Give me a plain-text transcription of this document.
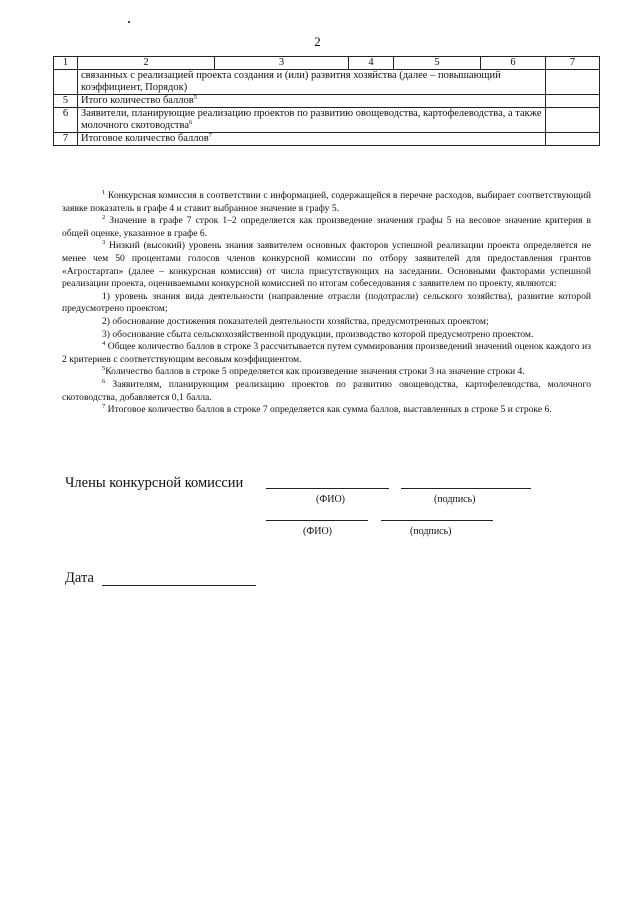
2
1	2	3	4	5	6	7
	связанных с реализацией проекта создания и (или) развития хозяйства (далее – повышающий коэффициент, Порядок)					
5	Итого количество баллов$^5$	
6	Заявители, планирующие реализацию проектов по развитию овощеводства, картофелеводства, а также молочного скотоводства$^6$	
7	Итоговое количество баллов$^7$	

$^1$ Конкурсная комиссия в соответствии с информацией, содержащейся в перечне расходов, выбирает соответствующий заявке показатель в графе 4 и ставит выбранное значение в графу 5.

$^2$ Значение в графе 7 строк 1–2 определяется как произведение значения графы 5 на весовое значение критерия в общей оценке, указанное в графе 6.

$^3$ Низкий (высокий) уровень знания заявителем основных факторов успешной реализации проекта определяется не менее чем 50 процентами голосов членов конкурсной комиссии по отбору заявителей для предоставления грантов «Агростартап» (далее – конкурсная комиссия) от числа присутствующих на заседании. Основными факторами успешной реализации проекта, оцениваемыми конкурсной комиссией по итогам собеседования с заявителем по проекту, являются:

1) уровень знания вида деятельности (направление отрасли (подотрасли) сельского хозяйства), развитие которой предусмотрено проектом;

2) обоснование достижения показателей деятельности хозяйства, предусмотренных проектом;

3) обоснование сбыта сельскохозяйственной продукции, производство которой предусмотрено проектом.

$^4$ Общее количество баллов в строке 3 рассчитывается путем суммирования произведений значений оценок каждого из 2 критериев с соответствующим весовым коэффициентом.

$^5$Количество баллов в строке 5 определяется как произведение значения строки 3 на значение строки 4.

$^6$ Заявителям, планирующим реализацию проектов по развитию овощеводства, картофелеводства, молочного скотоводства, добавляется 0,1 балла.

$^7$ Итоговое количество баллов в строке 7 определяется как сумма баллов, выставленных в строке 5 и строке 6.

Члены конкурсной комиссии
(ФИО)	(подпись)
(ФИО)	(подпись)
Дата
